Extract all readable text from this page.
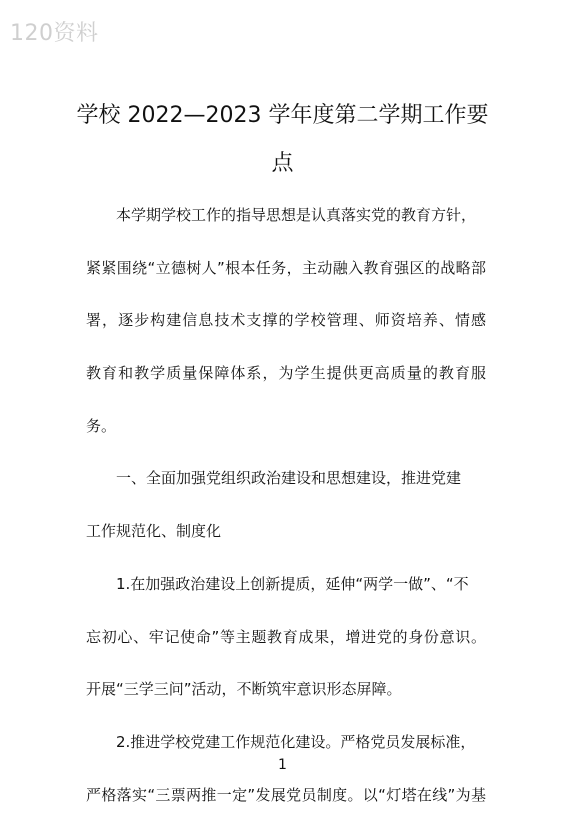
120资料
学校 2022—2023 学年度第二学期工作要
点
本学期学校工作的指导思想是认真落实党的教育方针，
紧紧围绕“立德树人”根本任务，主动融入教育强区的战略部
署，逐步构建信息技术支撑的学校管理、师资培养、情感
教育和教学质量保障体系，为学生提供更高质量的教育服
务。
一、全面加强党组织政治建设和思想建设，推进党建
工作规范化、制度化
1.在加强政治建设上创新提质，延伸“两学一做”、“不
忘初心、牢记使命”等主题教育成果，增进党的身份意识。
开展“三学三问”活动，不断筑牢意识形态屏障。
2.推进学校党建工作规范化建设。严格党员发展标准，
严格落实“三票两推一定”发展党员制度。以“灯塔在线”为基
1
